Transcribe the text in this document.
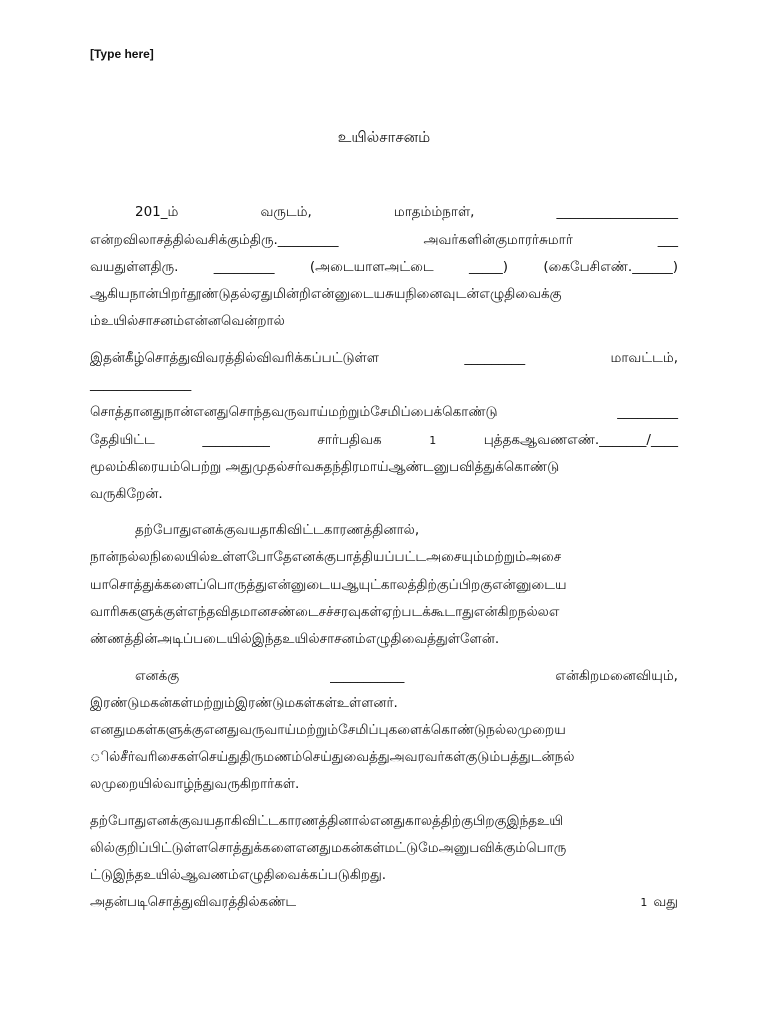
[Type here]
உயில்சாசனம்
201_ம்	வருடம்,	மாதம்ம்நாள்,	__________________
என்றவிலாசத்தில்வசிக்கும்திரு._________	அவர்களின்குமாரர்சுமார்	___
வயதுள்ளதிரு.	_________	(அடையாளஅட்டை	_____)	(கைபேசிஎண்.______)
ஆகியநான்பிறர்தூண்டுதல்ஏதுமின்றிஎன்னுடையசுயநினைவுடன்எழுதிவைக்கு
ம்உயில்சாசனம்என்னவென்றால்
இதன்கீழ்சொத்துவிவரத்தில்விவரிக்கப்பட்டுள்ள	_________	மாவட்டம்,
_______________
சொத்தானதுநான்எனதுசொந்தவருவாய்மற்றும்சேமிப்பைக்கொண்டு	_________
தேதியிட்ட	__________	சார்பதிவக	1	புத்தகஆவணஎண்._______/____
மூலம்கிரையம்பெற்று அதுமுதல்சர்வசுதந்திரமாய்ஆண்டனுபவித்துக்கொண்டு
வருகிறேன்.
தற்போதுஎனக்குவயதாகிவிட்டகாரணத்தினால்,
நான்நல்லநிலையில்உள்ளபோதேஎனக்குபாத்தியப்பட்டஅசையும்மற்றும்அசை
யாசொத்துக்களைப்பொருத்துஎன்னுடையஆயுட்காலத்திற்குப்பிறகுஎன்னுடைய
வாரிசுகளுக்குள்எந்தவிதமானசண்டைசச்சரவுகள்ஏற்படக்கூடாதுஎன்கிறநல்லஎ
ண்ணத்தின்அடிப்படையில்இந்தஉயில்சாசனம்எழுதிவைத்துள்ளேன்.
எனக்கு	___________	என்கிறமனைவியும்,
இரண்டுமகன்கள்மற்றும்இரண்டுமகள்கள்உள்ளனர்.
எனதுமகள்களுக்குஎனதுவருவாய்மற்றும்சேமிப்புகளைக்கொண்டுநல்லமுறைய
ில்சீர்வரிசைகள்செய்துதிருமணம்செய்துவைத்துஅவரவர்கள்குடும்பத்துடன்நல்
லமுறையில்வாழ்ந்துவருகிறார்கள்.
தற்போதுஎனக்குவயதாகிவிட்டகாரணத்தினால்எனதுகாலத்திற்குபிறகுஇந்தஉயி
லில்குறிப்பிட்டுள்ளசொத்துக்களைஎனதுமகன்கள்மட்டுமேஅனுபவிக்கும்பொரு
ட்டுஇந்தஉயில்ஆவணம்எழுதிவைக்கப்படுகிறது.
அதன்படிசொத்துவிவரத்தில்கண்ட	1 வது
